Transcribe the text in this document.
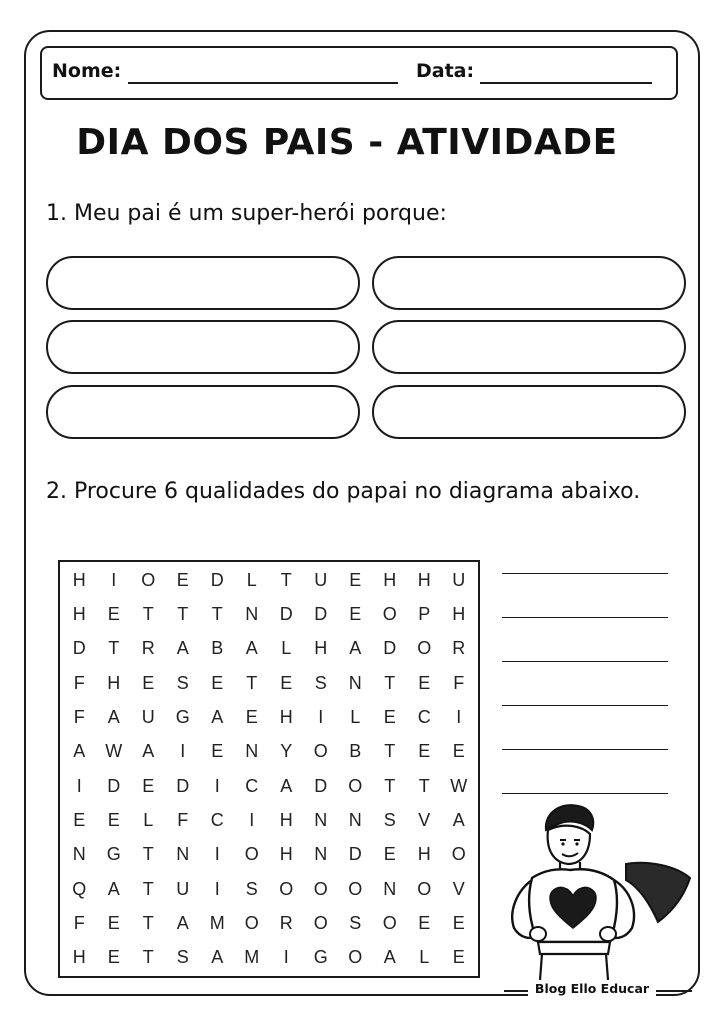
Nome:	Data:
DIA DOS PAIS - ATIVIDADE
1. Meu pai é um super-herói porque:
2. Procure 6 qualidades do papai no diagrama abaixo.
H	I	O	E	D	L	T	U	E	H	H	U
H	E	T	T	T	N	D	D	E	O	P	H
D	T	R	A	B	A	L	H	A	D	O	R
F	H	E	S	E	T	E	S	N	T	E	F
F	A	U	G	A	E	H	I	L	E	C	I
A	W	A	I	E	N	Y	O	B	T	E	E
I	D	E	D	I	C	A	D	O	T	T	W
E	E	L	F	C	I	H	N	N	S	V	A
N	G	T	N	I	O	H	N	D	E	H	O
Q	A	T	U	I	S	O	O	O	N	O	V
F	E	T	A	M	O	R	O	S	O	E	E
H	E	T	S	A	M	I	G	O	A	L	E
Blog Ello Educar
